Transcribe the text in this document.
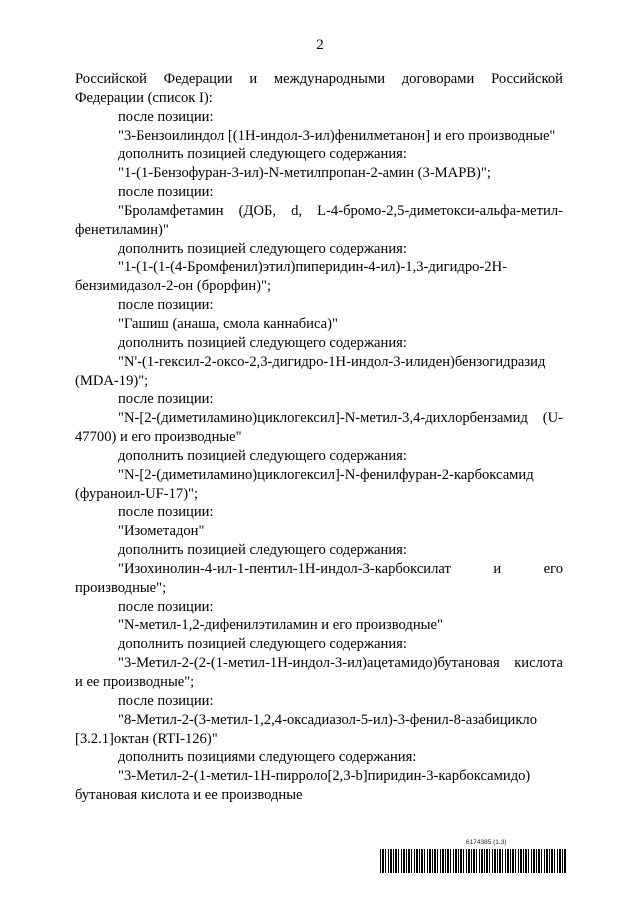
2

Российской Федерации и международными договорами Российской Федерации (список I):

после позиции:

"3-Бензоилиндол [(1Н-индол-3-ил)фенилметанон] и его производные"

дополнить позицией следующего содержания:

"1-(1-Бензофуран-3-ил)-N-метилпропан-2-амин (3-МАРВ)";

после позиции:

"Броламфетамин (ДОБ, d, L-4-бромо-2,5-диметокси-альфа-метил-фенетиламин)"

дополнить позицией следующего содержания:

"1-(1-(1-(4-Бромфенил)этил)пиперидин-4-ил)-1,3-дигидро-2Н-бензимидазол-2-он (брорфин)";

после позиции:

"Гашиш (анаша, смола каннабиса)"

дополнить позицией следующего содержания:

"N'-(1-гексил-2-оксо-2,3-дигидро-1Н-индол-3-илиден)бензогидразид (MDA-19)";

после позиции:

"N-[2-(диметиламино)циклогексил]-N-метил-3,4-дихлорбензамид (U-47700) и его производные"

дополнить позицией следующего содержания:

"N-[2-(диметиламино)циклогексил]-N-фенилфуран-2-карбоксамид (фураноил-UF-17)";

после позиции:

"Изометадон"

дополнить позицией следующего содержания:

"Изохинолин-4-ил-1-пентил-1Н-индол-3-карбоксилат и его производные";

после позиции:

"N-метил-1,2-дифенилэтиламин и его производные"

дополнить позицией следующего содержания:

"3-Метил-2-(2-(1-метил-1Н-индол-3-ил)ацетамидо)бутановая кислота и ее производные";

после позиции:

"8-Метил-2-(3-метил-1,2,4-оксадиазол-5-ил)-3-фенил-8-азабицикло [3.2.1]октан (RTI-126)"

дополнить позициями следующего содержания:

"3-Метил-2-(1-метил-1Н-пирроло[2,3-b]пиридин-3-карбоксамидо) бутановая кислота и ее производные

6174385 (1.3)
